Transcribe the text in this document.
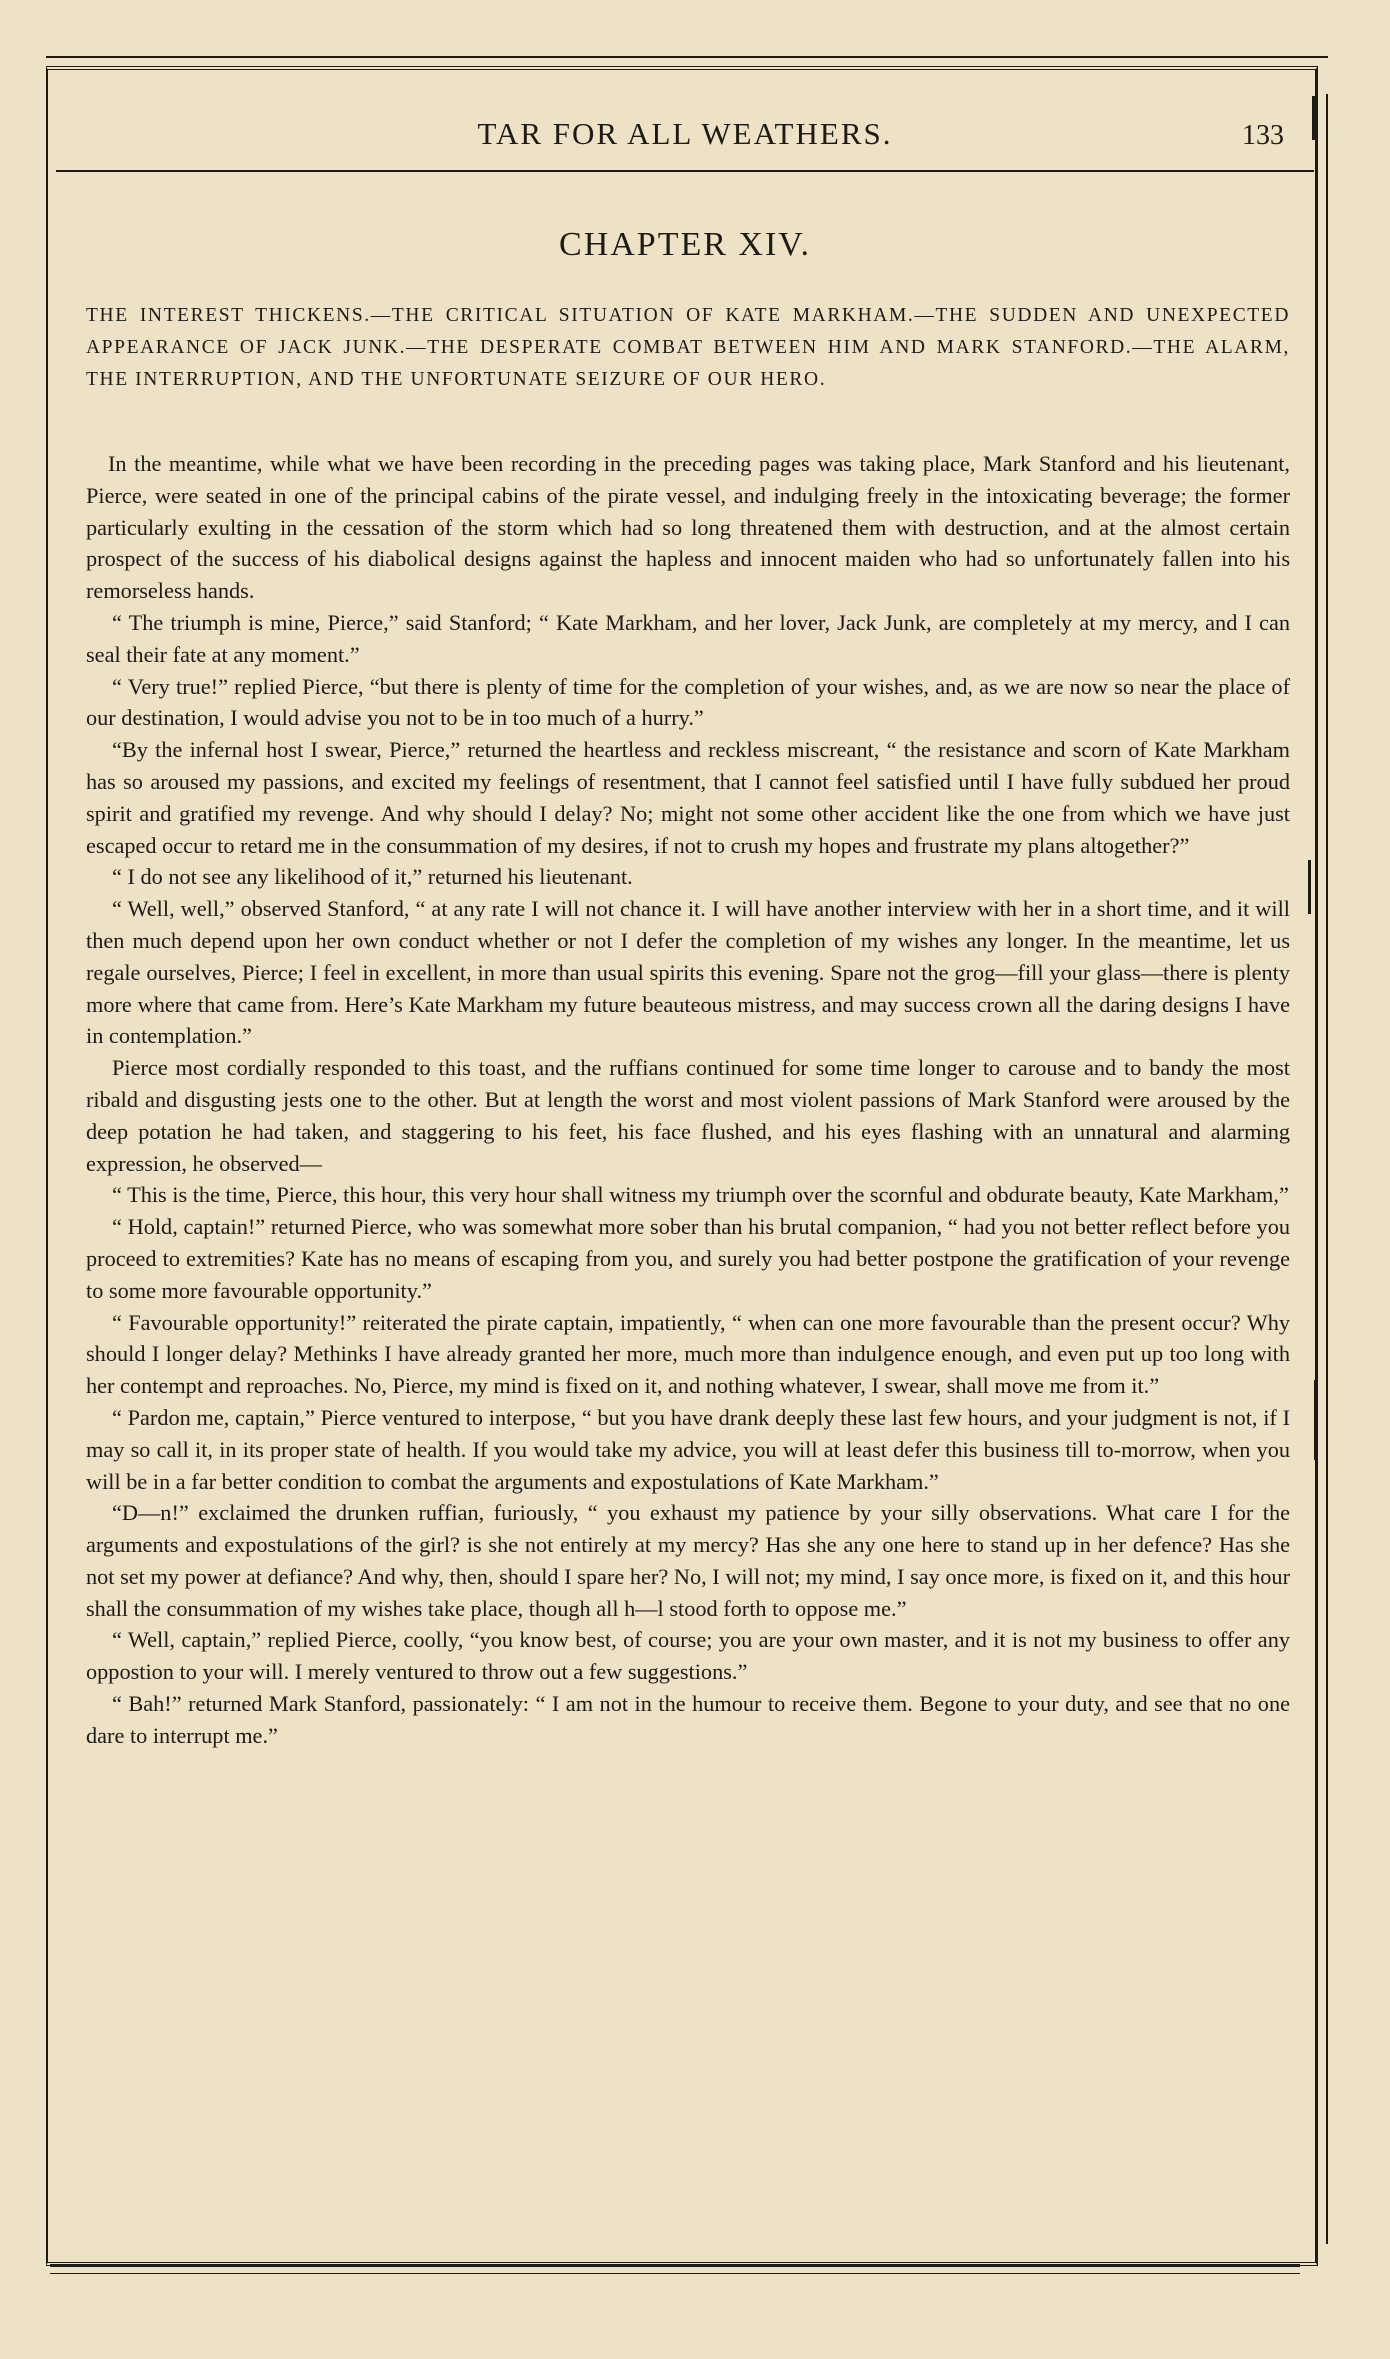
TAR FOR ALL WEATHERS.	133
CHAPTER XIV.
THE INTEREST THICKENS.—THE CRITICAL SITUATION OF KATE MARKHAM.—THE SUDDEN AND UNEXPECTED APPEARANCE OF JACK JUNK.—THE DESPERATE COMBAT BETWEEN HIM AND MARK STANFORD.—THE ALARM, THE INTERRUPTION, AND THE UNFORTUNATE SEIZURE OF OUR HERO.

In the meantime, while what we have been recording in the preceding pages was taking place, Mark Stanford and his lieutenant, Pierce, were seated in one of the principal cabins of the pirate vessel, and indulging freely in the intoxicating beverage; the former particularly exulting in the cessation of the storm which had so long threatened them with destruction, and at the almost certain prospect of the success of his diabolical designs against the hapless and innocent maiden who had so unfortunately fallen into his remorseless hands.

“ The triumph is mine, Pierce,” said Stanford; “ Kate Markham, and her lover, Jack Junk, are completely at my mercy, and I can seal their fate at any moment.”

“ Very true!” replied Pierce, “but there is plenty of time for the completion of your wishes, and, as we are now so near the place of our destination, I would advise you not to be in too much of a hurry.”

“By the infernal host I swear, Pierce,” returned the heartless and reckless miscreant, “ the resistance and scorn of Kate Markham has so aroused my passions, and excited my feelings of resentment, that I cannot feel satisfied until I have fully subdued her proud spirit and gratified my revenge. And why should I delay? No; might not some other accident like the one from which we have just escaped occur to retard me in the consummation of my desires, if not to crush my hopes and frustrate my plans altogether?”

“ I do not see any likelihood of it,” returned his lieutenant.

“ Well, well,” observed Stanford, “ at any rate I will not chance it. I will have another interview with her in a short time, and it will then much depend upon her own conduct whether or not I defer the completion of my wishes any longer. In the meantime, let us regale ourselves, Pierce; I feel in excellent, in more than usual spirits this evening. Spare not the grog—fill your glass—there is plenty more where that came from. Here’s Kate Markham my future beauteous mistress, and may success crown all the daring designs I have in contemplation.”

Pierce most cordially responded to this toast, and the ruffians continued for some time longer to carouse and to bandy the most ribald and disgusting jests one to the other. But at length the worst and most violent passions of Mark Stanford were aroused by the deep potation he had taken, and staggering to his feet, his face flushed, and his eyes flashing with an unnatural and alarming expression, he observed—

“ This is the time, Pierce, this hour, this very hour shall witness my triumph over the scornful and obdurate beauty, Kate Markham,”

“ Hold, captain!” returned Pierce, who was somewhat more sober than his brutal companion, “ had you not better reflect before you proceed to extremities? Kate has no means of escaping from you, and surely you had better postpone the gratification of your revenge to some more favourable opportunity.”

“ Favourable opportunity!” reiterated the pirate captain, impatiently, “ when can one more favourable than the present occur? Why should I longer delay? Methinks I have already granted her more, much more than indulgence enough, and even put up too long with her contempt and reproaches. No, Pierce, my mind is fixed on it, and nothing whatever, I swear, shall move me from it.”

“ Pardon me, captain,” Pierce ventured to interpose, “ but you have drank deeply these last few hours, and your judgment is not, if I may so call it, in its proper state of health. If you would take my advice, you will at least defer this business till to-morrow, when you will be in a far better condition to combat the arguments and expostulations of Kate Markham.”

“D—n!” exclaimed the drunken ruffian, furiously, “ you exhaust my patience by your silly observations. What care I for the arguments and expostulations of the girl? is she not entirely at my mercy? Has she any one here to stand up in her defence? Has she not set my power at defiance? And why, then, should I spare her? No, I will not; my mind, I say once more, is fixed on it, and this hour shall the consummation of my wishes take place, though all h—l stood forth to oppose me.”

“ Well, captain,” replied Pierce, coolly, “you know best, of course; you are your own master, and it is not my business to offer any oppostion to your will. I merely ventured to throw out a few suggestions.”

“ Bah!” returned Mark Stanford, passionately: “ I am not in the humour to receive them. Begone to your duty, and see that no one dare to interrupt me.”
